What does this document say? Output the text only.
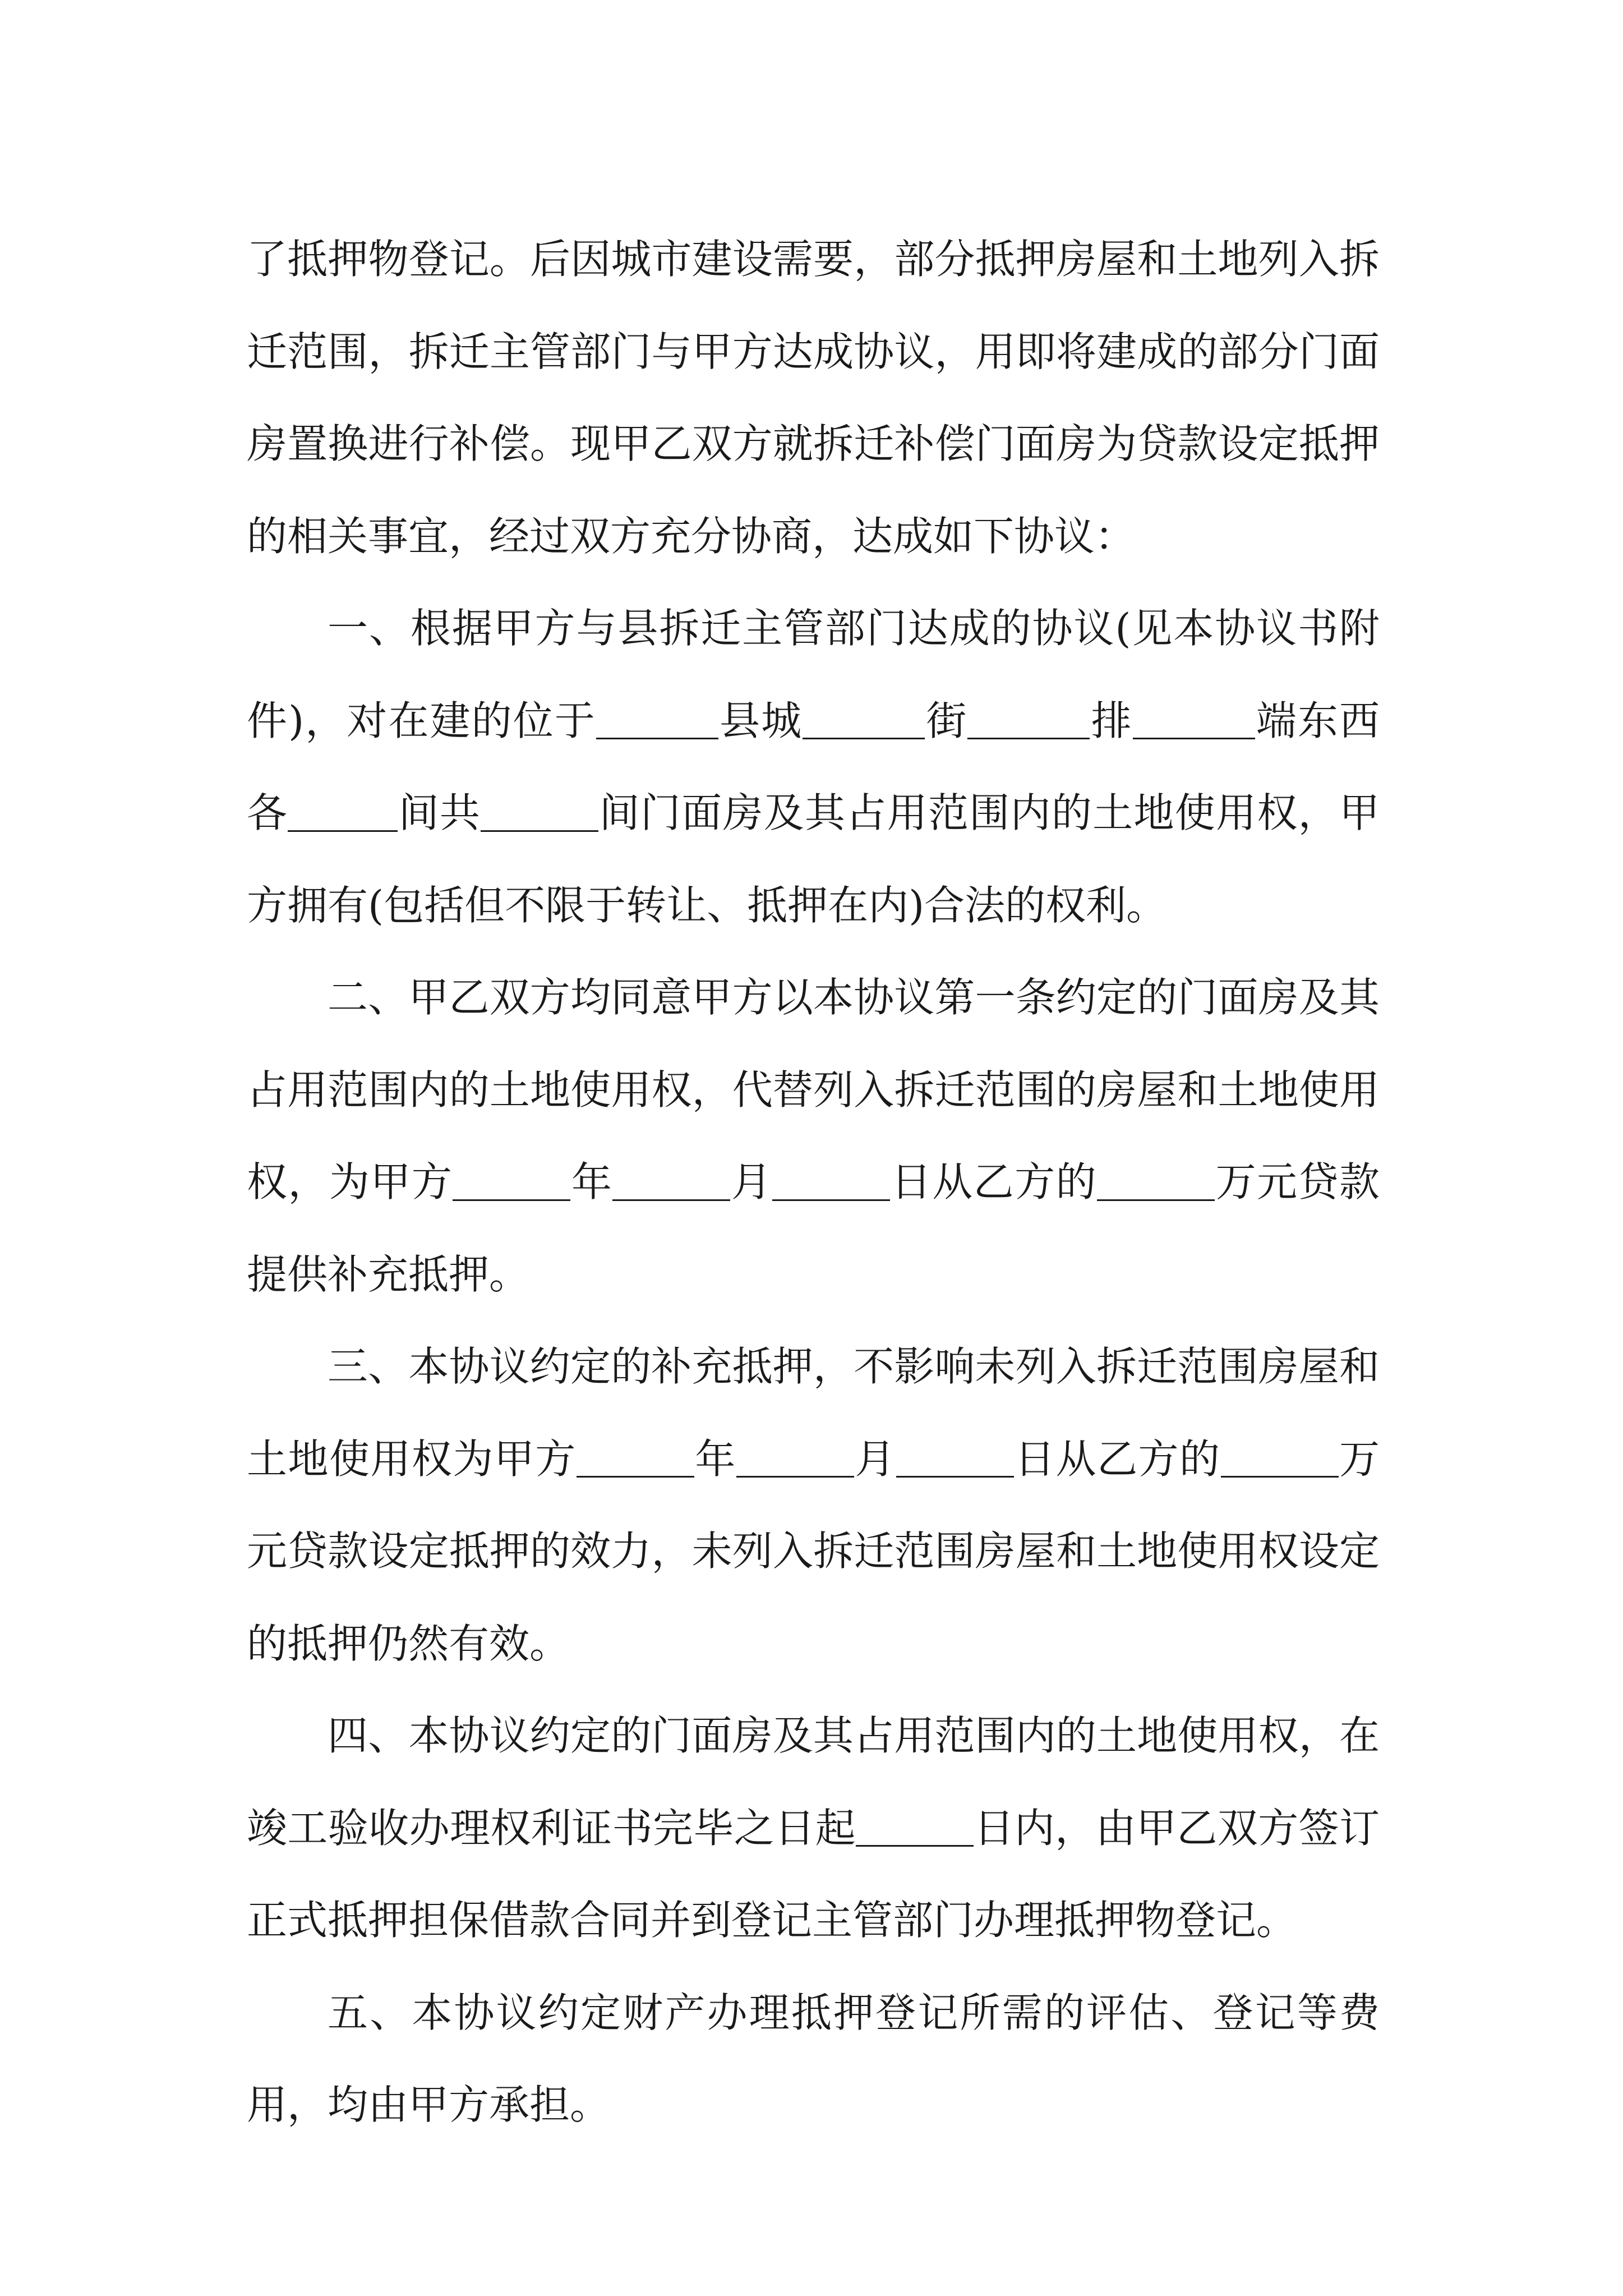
了抵押物登记。后因城市建设需要，部分抵押房屋和土地列入拆迁范围，拆迁主管部门与甲方达成协议，用即将建成的部分门面房置换进行补偿。现甲乙双方就拆迁补偿门面房为贷款设定抵押的相关事宜，经过双方充分协商，达成如下协议：

一、根据甲方与县拆迁主管部门达成的协议(见本协议书附件)，对在建的位于	县城	街	排	端东西各	间共	间门面房及其占用范围内的土地使用权，甲方拥有(包括但不限于转让、抵押在内)合法的权利。

二、甲乙双方均同意甲方以本协议第一条约定的门面房及其占用范围内的土地使用权，代替列入拆迁范围的房屋和土地使用权，为甲方	年	月	日从乙方的	万元贷款提供补充抵押。

三、本协议约定的补充抵押，不影响未列入拆迁范围房屋和土地使用权为甲方	年	月	日从乙方的	万元贷款设定抵押的效力，未列入拆迁范围房屋和土地使用权设定的抵押仍然有效。

四、本协议约定的门面房及其占用范围内的土地使用权，在竣工验收办理权利证书完毕之日起	日内，由甲乙双方签订正式抵押担保借款合同并到登记主管部门办理抵押物登记。

五、本协议约定财产办理抵押登记所需的评估、登记等费用，均由甲方承担。
